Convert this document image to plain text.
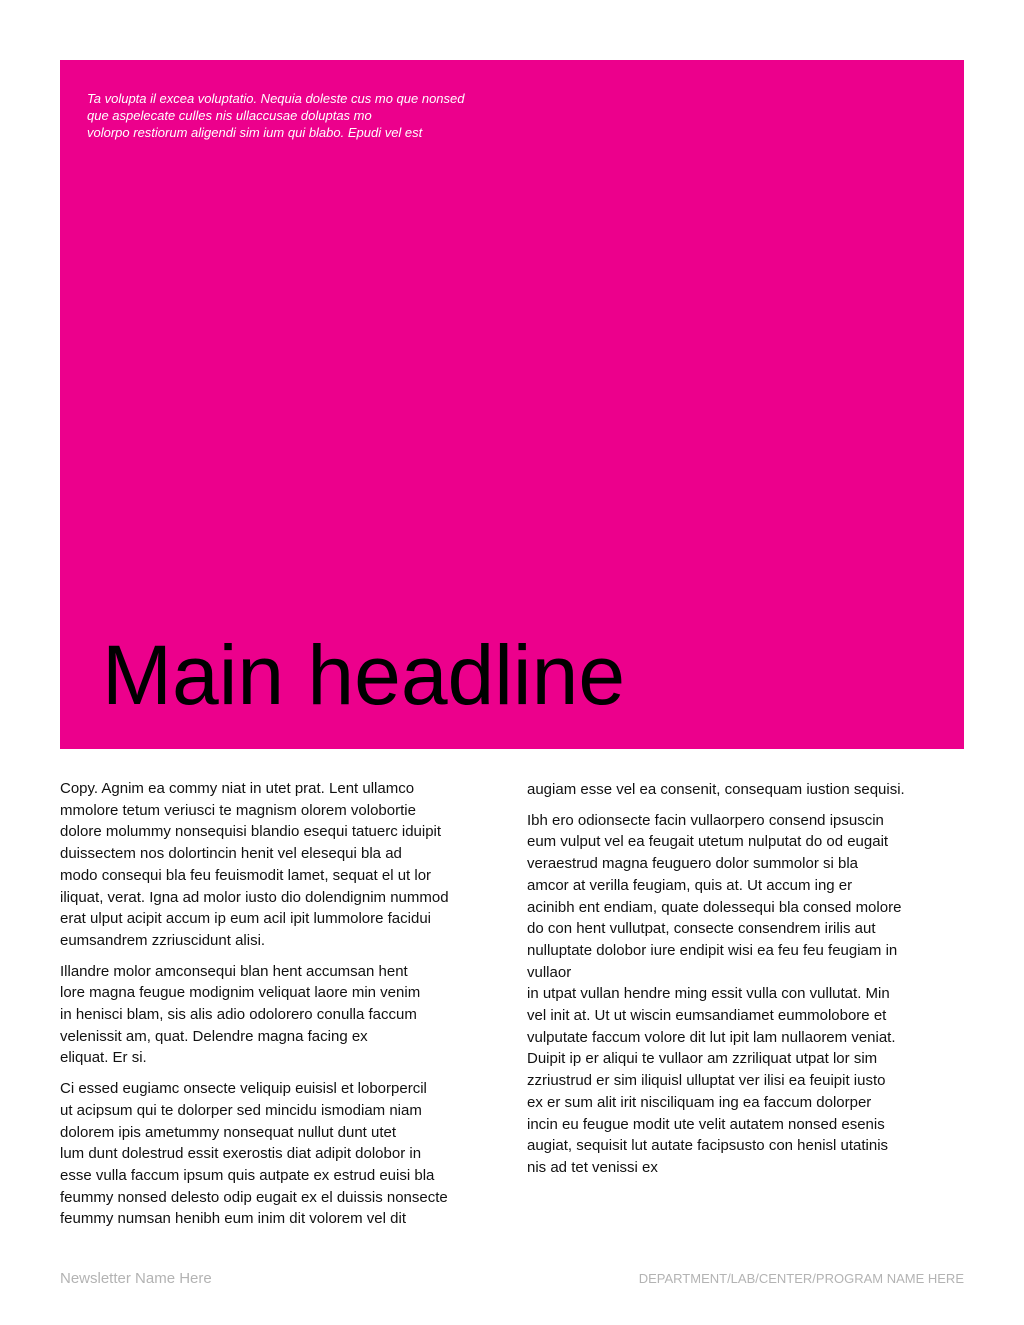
Ta volupta il excea voluptatio. Nequia doleste cus mo que nonsed
que aspelecate culles nis ullaccusae doluptas mo
volorpo restiorum aligendi sim ium qui blabo. Epudi vel est

Main headline

Copy. Agnim ea commy niat in utet prat. Lent ullamco
mmolore tetum veriusci te magnism olorem volobortie
dolore molummy nonsequisi blandio esequi tatuerc iduipit
duissectem nos dolortincin henit vel elesequi bla ad
modo consequi bla feu feuismodit lamet, sequat el ut lor
iliquat, verat. Igna ad molor iusto dio dolendignim nummod
erat ulput acipit accum ip eum acil ipit lummolore facidui
eumsandrem zzriuscidunt alisi.

Illandre molor amconsequi blan hent accumsan hent
lore magna feugue modignim veliquat laore min venim
in henisci blam, sis alis adio odolorero conulla faccum
velenissit am, quat. Delendre magna facing ex
eliquat. Er si.

Ci essed eugiamc onsecte veliquip euisisl et loborpercil
ut acipsum qui te dolorper sed mincidu ismodiam niam
dolorem ipis ametummy nonsequat nullut dunt utet
lum dunt dolestrud essit exerostis diat adipit dolobor in
esse vulla faccum ipsum quis autpate ex estrud euisi bla
feummy nonsed delesto odip eugait ex el duissis nonsecte
feummy numsan henibh eum inim dit volorem vel dit

augiam esse vel ea consenit, consequam iustion sequisi.

Ibh ero odionsecte facin vullaorpero consend ipsuscin
eum vulput vel ea feugait utetum nulputat do od eugait
veraestrud magna feuguero dolor summolor si bla
amcor at verilla feugiam, quis at. Ut accum ing er
acinibh ent endiam, quate dolessequi bla consed molore
do con hent vullutpat, consecte consendrem irilis aut
nulluptate dolobor iure endipit wisi ea feu feu feugiam in
vullaor
in utpat vullan hendre ming essit vulla con vullutat. Min
vel init at. Ut ut wiscin eumsandiamet eummolobore et
vulputate faccum volore dit lut ipit lam nullaorem veniat.
Duipit ip er aliqui te vullaor am zzriliquat utpat lor sim
zzriustrud er sim iliquisl ulluptat ver ilisi ea feuipit iusto
ex er sum alit irit nisciliquam ing ea faccum dolorper
incin eu feugue modit ute velit autatem nonsed esenis
augiat, sequisit lut autate facipsusto con henisl utatinis
nis ad tet venissi ex

Newsletter Name Here	DEPARTMENT/LAB/CENTER/PROGRAM NAME HERE
